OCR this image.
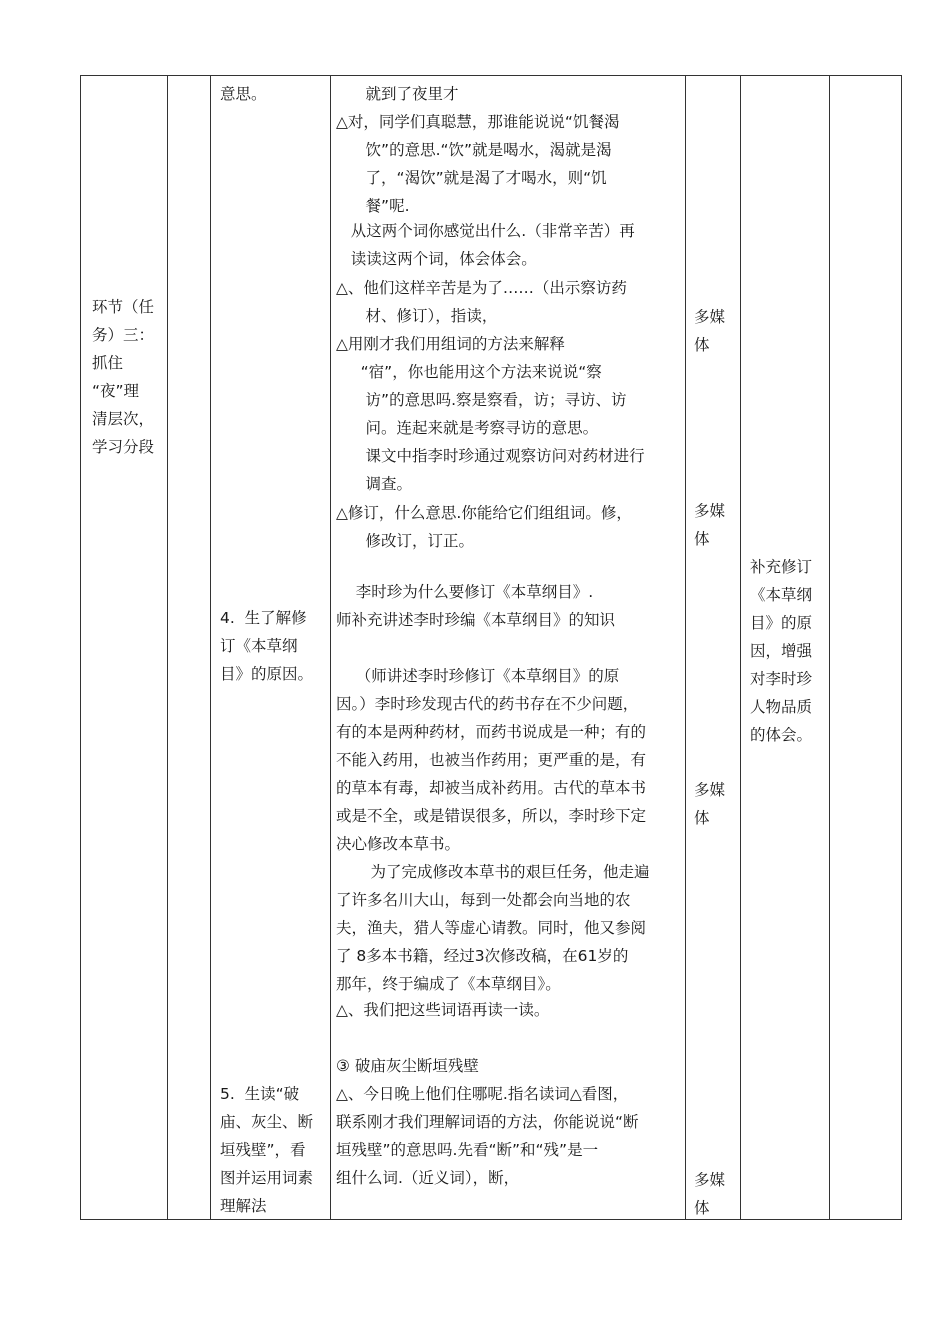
环节（任
务）三：
抓住
“夜”理
清层次，
学习分段
意思。
4.  生了解修
订《本草纲
目》的原因。
5.  生读“破
庙、灰尘、断
垣残壁”，看
图并运用词素
理解法
就到了夜里才
△对，同学们真聪慧，那谁能说说“饥餐渴
饮”的意思.“饮”就是喝水，渴就是渴
了，“渴饮”就是渴了才喝水，则“饥
餐”呢.
从这两个词你感觉出什么.（非常辛苦）再
读读这两个词，体会体会。
△、他们这样辛苦是为了……（出示察访药
材、修订），指读，
△用刚才我们用组词的方法来解释
“宿”，你也能用这个方法来说说“察
访”的意思吗.察是察看，访；寻访、访
问。连起来就是考察寻访的意思。
课文中指李时珍通过观察访问对药材进行
调查。
△修订，什么意思.你能给它们组组词。修，
修改订，订正。
李时珍为什么要修订《本草纲目》.
师补充讲述李时珍编《本草纲目》的知识
（师讲述李时珍修订《本草纲目》的原
因。）李时珍发现古代的药书存在不少问题，
有的本是两种药材，而药书说成是一种；有的
不能入药用，也被当作药用；更严重的是，有
的草本有毒，却被当成补药用。古代的草本书
或是不全，或是错误很多，所以，李时珍下定
决心修改本草书。
为了完成修改本草书的艰巨任务，他走遍
了许多名川大山，每到一处都会向当地的农
夫，渔夫，猎人等虚心请教。同时，他又参阅
了 8多本书籍，经过3次修改稿，在61岁的
那年，终于编成了《本草纲目》。
△、我们把这些词语再读一读。
③ 破庙灰尘断垣残壁
△、今日晚上他们住哪呢.指名读词△看图，
联系刚才我们理解词语的方法，你能说说“断
垣残壁”的意思吗.先看“断”和“残”是一
组什么词.（近义词），断，
多媒
体
多媒
体
多媒
体
多媒
体
补充修订
《本草纲
目》的原
因，增强
对李时珍
人物品质
的体会。
